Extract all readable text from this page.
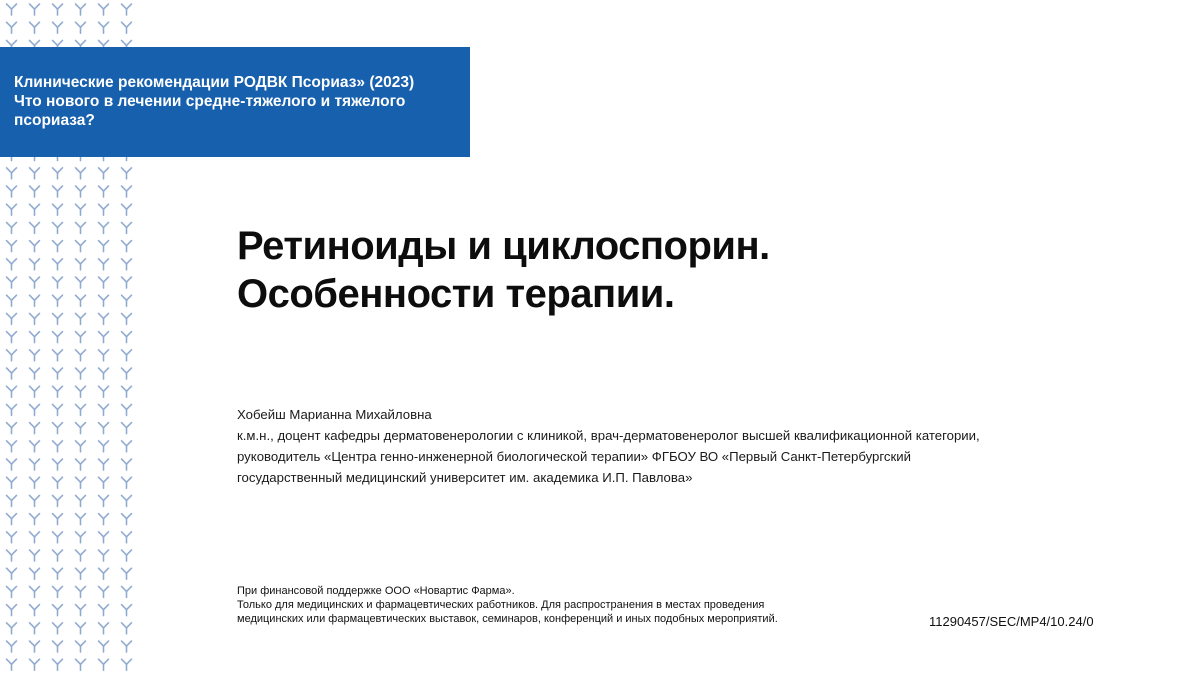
Клинические рекомендации РОДВК Псориаз» (2023)
Что нового в лечении средне-тяжелого и тяжелого
псориаза?
Ретиноиды и циклоспорин.
Особенности терапии.
Хобейш Марианна Михайловна
к.м.н., доцент кафедры дерматовенерологии с клиникой, врач-дерматовенеролог высшей квалификационной категории,
руководитель «Центра генно-инженерной биологической терапии» ФГБОУ ВО «Первый Санкт-Петербургский
государственный медицинский университет им. академика И.П. Павлова»
При финансовой поддержке ООО «Новартис Фарма».
Только для медицинских и фармацевтических работников. Для распространения в местах проведения
медицинских или фармацевтических выставок, семинаров, конференций и иных подобных мероприятий.	11290457/SEC/MP4/10.24/0
